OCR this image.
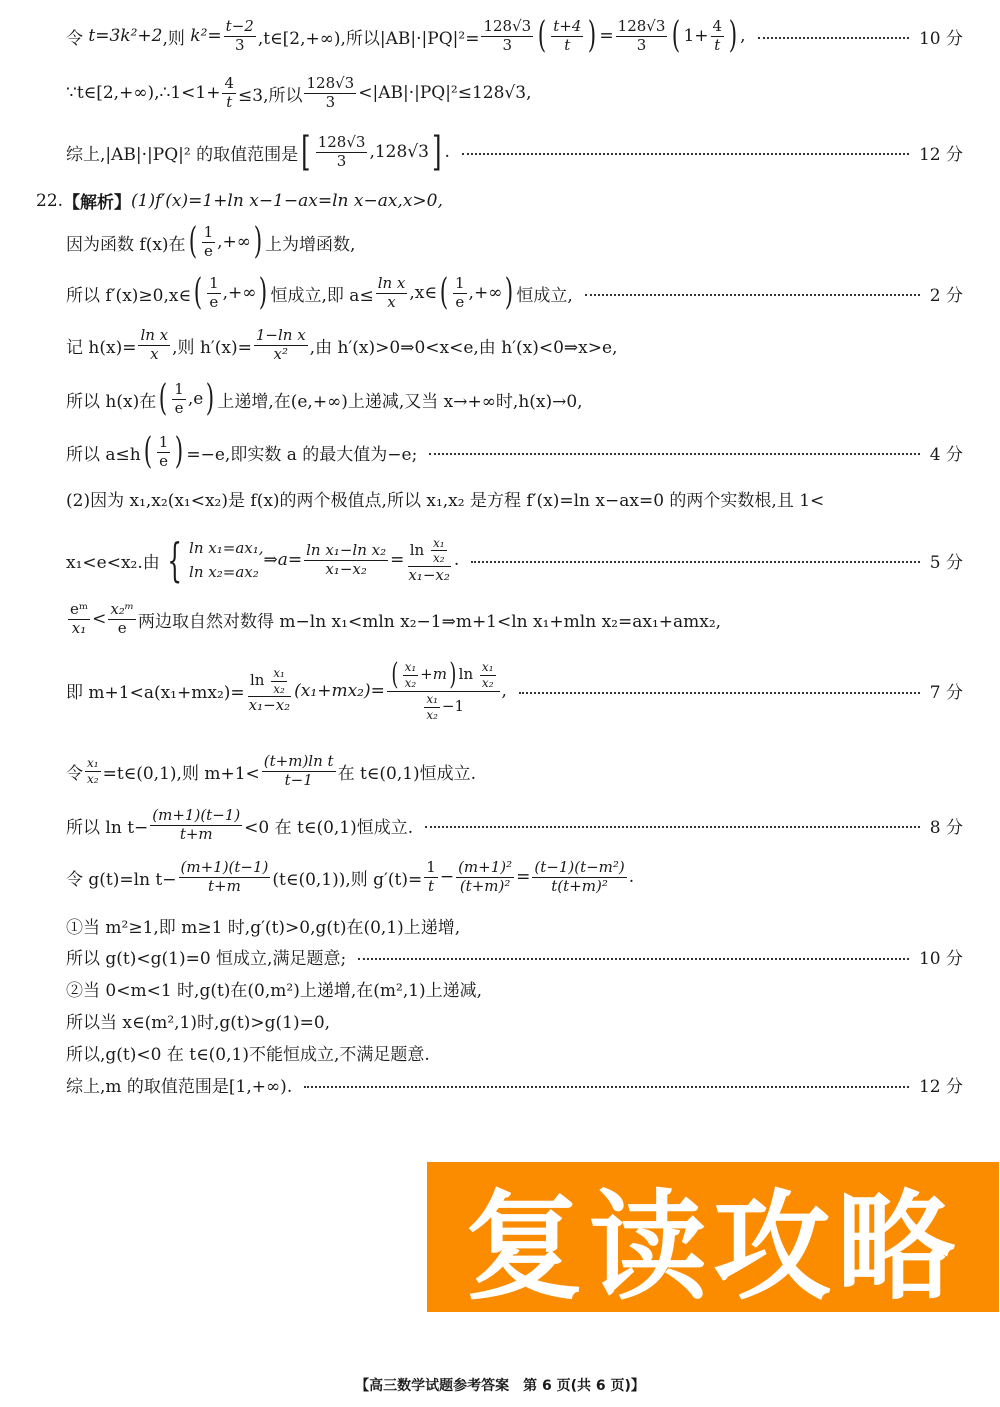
令
t=3k²+2 ,则
$k^2= \frac{t-2}{3}$ ,t∈[2,+∞),所以$|AB|\cdot|PQ|^2= \frac{128√3}{3}$ ( $\frac{t+4}{t}$ ) = $\frac{128√3}{3}$ ( $1+ \frac{4}{t}$ ) ,	10 分
∵t∈[2,+∞),∴1<1+ $\frac{4}{t} \le 3$,所以 $\frac{128√3}{3} <|AB|\cdot|PQ|^2\le 128√3$,
综上,|AB|·|PQ|² 的取值范围是 [ $\frac{128√3}{3} ,128√3$ ] .	12 分
22. 【解析】 (1)f′(x)=1+ln x−1−ax=ln x−ax,x>0,
因为函数 f(x)在 ( $\frac{1}{e}$ ,+∞ ) 上为增函数,
所以 f′(x)≥0,x∈ ( $\frac{1}{e}$ ,+∞ ) 恒成立,即 $a\le \frac{\text{ln x}}{x}$ ,x∈ ( $\frac{1}{e}$ ,+∞ ) 恒成立,	2 分
记 $h(x)= \frac{\text{ln x}}{x}$ ,则 $h'(x)= \frac{\text{1−ln x}}{\text{x²}}$ ,由 h′(x)>0⇒0<x<e,由 h′(x)<0⇒x>e,
所以 h(x)在 ( $\frac{1}{e} ,e$ ) 上递增,在(e,+∞)上递减,又当 x→+∞时,h(x)→0,
所以 a≤h ( $\frac{1}{e}$ ) =−e,即实数 a 的最大值为−e;	4 分
(2)因为 x₁,x₂(x₁<x₂)是 f(x)的两个极值点,所以 x₁,x₂ 是方程 f′(x)=ln x−ax=0 的两个实数根,且 1<
x₁<e<x₂.由 { ln x₁=ax₁,
ln x₂=ax₂
⇒a= $\frac{\text{ln x₁−ln x₂}}{\text{x₁−x₂}} = \ln$
$\frac{\text{x₁}}{\text{x₂}}$
x₁−x₂ .	5 分
$\frac{\text{eᵐ}}{\text{x₁}} < \frac{\text{x₂ᵐ}}{e}$ 两边取自然对数得 m−ln x₁<mln x₂−1⇒m+1<ln x₁+mln x₂=ax₁+amx₂,
即 m+1<a(x₁+mx₂)= ln
$\frac{\text{x₁}}{\text{x₂}}$
x₁−x₂ (x₁+mx₂)= ( $\frac{\text{x₁}}{\text{x₂}} +m$ ) ln
$\frac{\text{x₁}}{\text{x₂}}$
$\frac{\text{x₁}}{\text{x₂}} -1$ ,	7 分
令 $\frac{\text{x₁}}{\text{x₂}}$ =t∈(0,1),则 $m+1< \frac{\text{(t+m)ln t}}{t-1}$ 在 t∈(0,1)恒成立.
所以 $\ln t- \frac{(m+1)(t-1)}{t+m} <0$ 在 t∈(0,1)恒成立.	8 分
令 g(t)=ln $t- \frac{(m+1)(t-1)}{t+m}$ (t∈(0,1)),则 $g'(t)= \frac{1}{t} - \frac{\text{(m+1)²}}{\text{(t+m)²}} = \frac{\text{(t−1)(t−m²)}}{\text{t(t+m)²}}$ .
①当 m²≥1,即 m≥1 时,g′(t)>0,g(t)在(0,1)上递增,
所以 g(t)<g(1)=0 恒成立,满足题意;	10 分
②当 0<m<1 时,g(t)在(0,m²)上递增,在(m²,1)上递减,
所以当 x∈(m²,1)时,g(t)>g(1)=0,
所以,g(t)<0 在 t∈(0,1)不能恒成立,不满足题意.
综上,m 的取值范围是[1,+∞).	12 分
复读攻略
【高三数学试题参考答案　第 6 页(共 6 页)】
